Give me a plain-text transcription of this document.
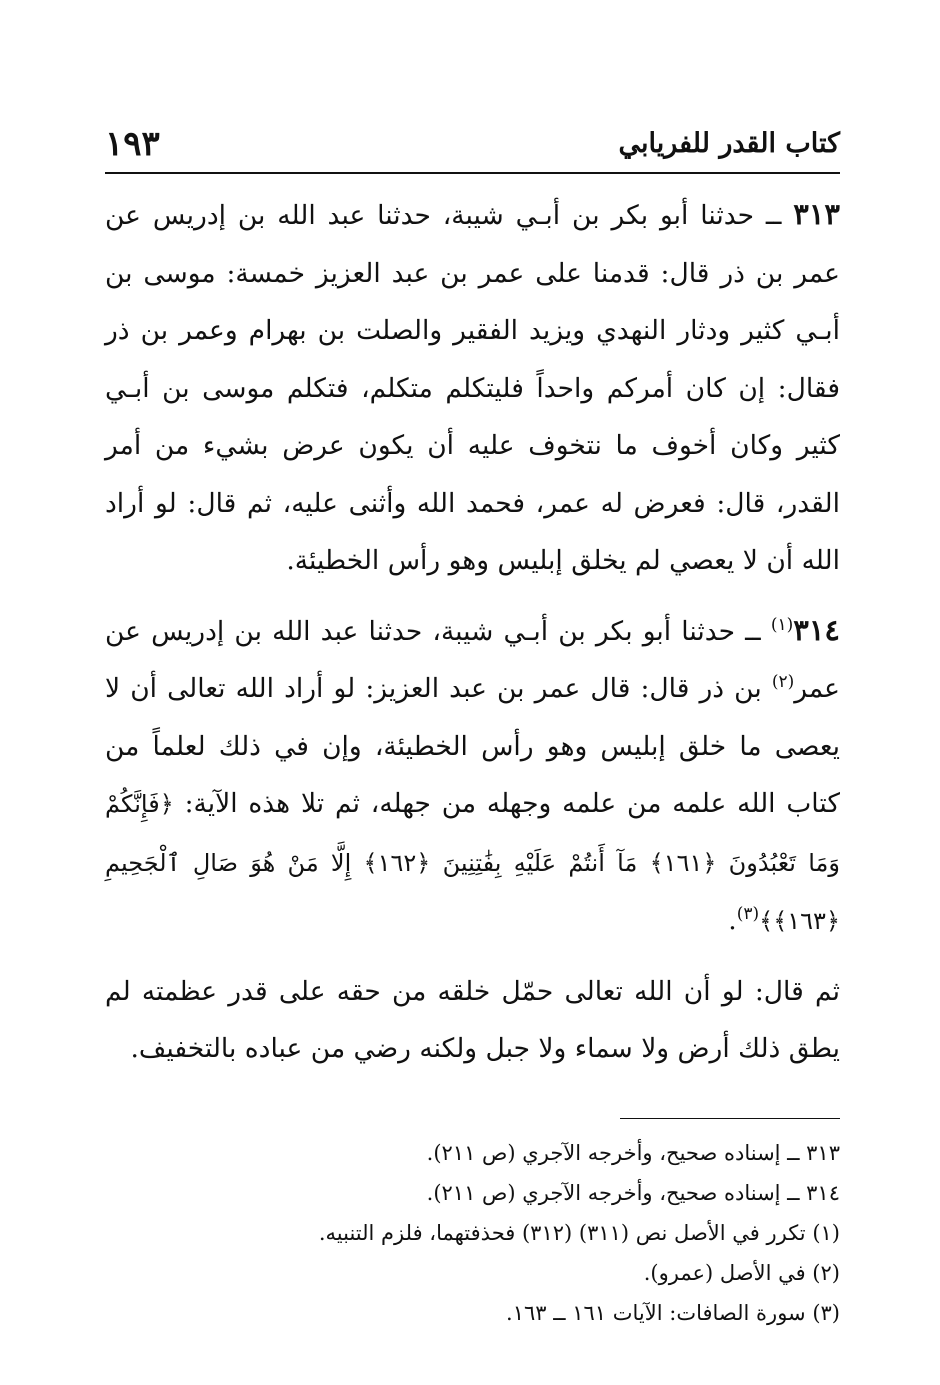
كتاب القدر للفريابي
١٩٣

٣١٣ ــ حدثنا أبو بكر بن أبـي شيبة، حدثنا عبد الله بن إدريس عن عمر بن ذر قال: قدمنا على عمر بن عبد العزيز خمسة: موسى بن أبـي كثير ودثار النهدي ويزيد الفقير والصلت بن بهرام وعمر بن ذر فقال: إن كان أمركم واحداً فليتكلم متكلم، فتكلم موسى بن أبـي كثير وكان أخوف ما نتخوف عليه أن يكون عرض بشيء من أمر القدر، قال: فعرض له عمر، فحمد الله وأثنى عليه، ثم قال: لو أراد الله أن لا يعصي لم يخلق إبليس وهو رأس الخطيئة.

٣١٤$^{(١)}$ ــ حدثنا أبو بكر بن أبـي شيبة، حدثنا عبد الله بن إدريس عن عمر$^{(٢)}$ بن ذر قال: قال عمر بن عبد العزيز: لو أراد الله تعالى أن لا يعصى ما خلق إبليس وهو رأس الخطيئة، وإن في ذلك لعلماً من كتاب الله علمه من علمه وجهله من جهله، ثم تلا هذه الآية: ﴿فَإِنَّكُمْ وَمَا تَعْبُدُونَ ﴿١٦١﴾ مَآ أَنتُمْ عَلَيْهِ بِفَٰتِنِينَ ﴿١٦٢﴾ إِلَّا مَنْ هُوَ صَالِ ٱلْجَحِيمِ ﴿١٦٣﴾﴾$^{(٣)}$.

ثم قال: لو أن الله تعالى حمّل خلقه من حقه على قدر عظمته لم يطق ذلك أرض ولا سماء ولا جبل ولكنه رضي من عباده بالتخفيف.

٣١٣ ــ إسناده صحيح، وأخرجه الآجري (ص ٢١١).
٣١٤ ــ إسناده صحيح، وأخرجه الآجري (ص ٢١١).
(١) تكرر في الأصل نص (٣١١) (٣١٢) فحذفتهما، فلزم التنبيه.
(٢) في الأصل (عمرو).
(٣) سورة الصافات: الآيات ١٦١ ــ ١٦٣.
